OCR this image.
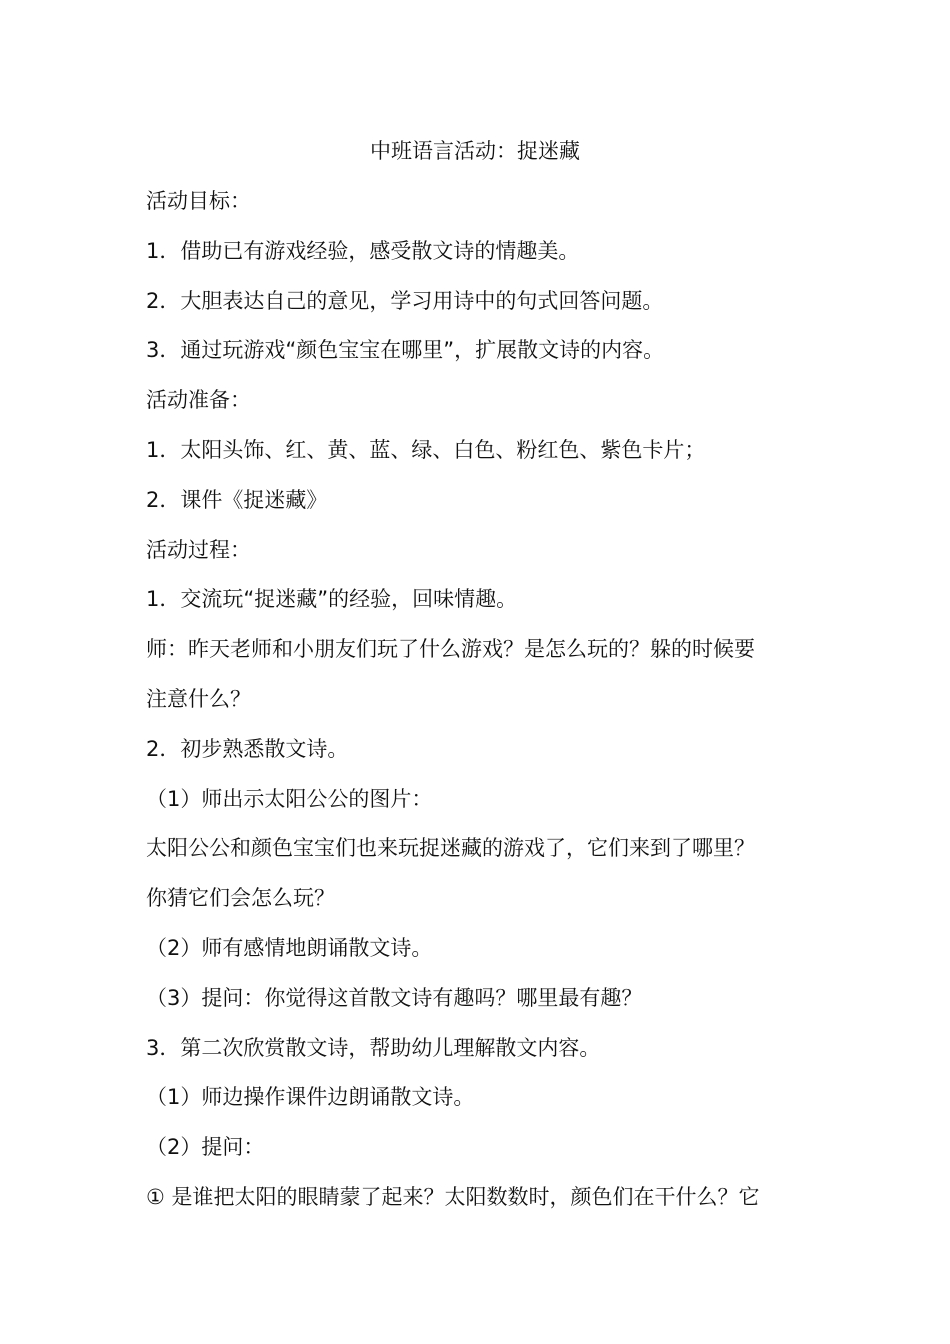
中班语言活动：捉迷藏
活动目标：
1．借助已有游戏经验，感受散文诗的情趣美。
2．大胆表达自己的意见，学习用诗中的句式回答问题。
3．通过玩游戏“颜色宝宝在哪里”，扩展散文诗的内容。
活动准备：
1．太阳头饰、红、黄、蓝、绿、白色、粉红色、紫色卡片；
2．课件《捉迷藏》
活动过程：
1．交流玩“捉迷藏”的经验，回味情趣。
师：昨天老师和小朋友们玩了什么游戏？是怎么玩的？躲的时候要
注意什么？
2．初步熟悉散文诗。
（1）师出示太阳公公的图片：
太阳公公和颜色宝宝们也来玩捉迷藏的游戏了，它们来到了哪里？
你猜它们会怎么玩？
（2）师有感情地朗诵散文诗。
（3）提问：你觉得这首散文诗有趣吗？哪里最有趣？
3．第二次欣赏散文诗，帮助幼儿理解散文内容。
（1）师边操作课件边朗诵散文诗。
（2）提问：
① 是谁把太阳的眼睛蒙了起来？太阳数数时，颜色们在干什么？它
